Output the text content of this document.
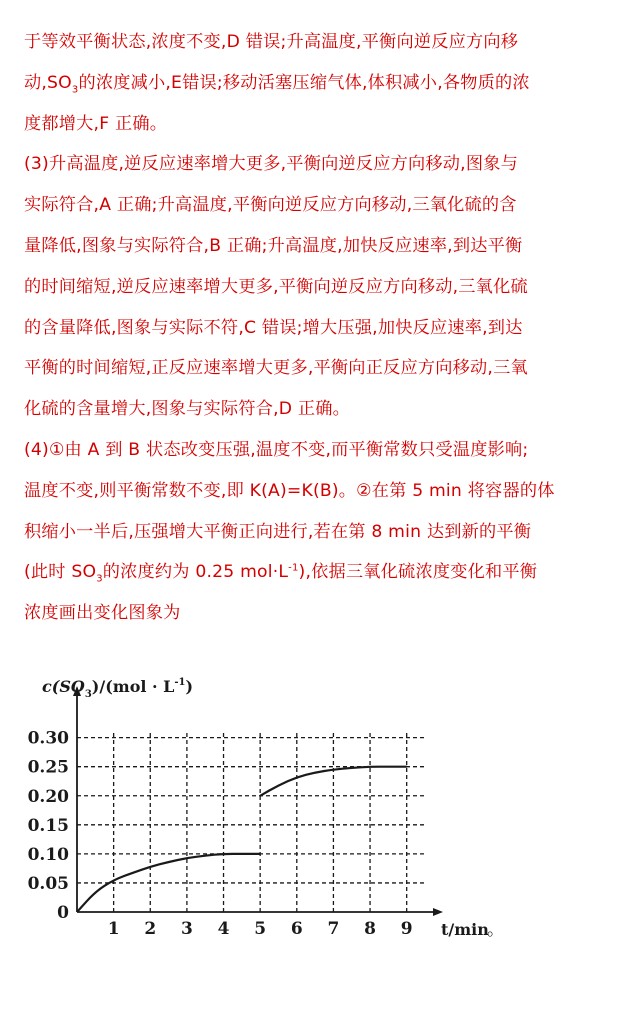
于等效平衡状态,浓度不变,D 错误;升高温度,平衡向逆反应方向移
动$,SO_3$的浓度减小,E错误;移动活塞压缩气体,体积减小,各物质的浓
度都增大,F 正确。
(3)升高温度,逆反应速率增大更多,平衡向逆反应方向移动,图象与
实际符合,A 正确;升高温度,平衡向逆反应方向移动,三氧化硫的含
量降低,图象与实际符合,B 正确;升高温度,加快反应速率,到达平衡
的时间缩短,逆反应速率增大更多,平衡向逆反应方向移动,三氧化硫
的含量降低,图象与实际不符,C 错误;增大压强,加快反应速率,到达
平衡的时间缩短,正反应速率增大更多,平衡向正反应方向移动,三氧
化硫的含量增大,图象与实际符合,D 正确。
(4)①由 A 到 B 状态改变压强,温度不变,而平衡常数只受温度影响;
温度不变,则平衡常数不变,即 K(A)=K(B)。②在第 5 min 将容器的体
积缩小一半后,压强增大平衡正向进行,若在第 8 min 达到新的平衡
(此时 $SO_3$的浓度约为 0.25 $mol\cdot L^{-1}$),依据三氧化硫浓度变化和平衡
浓度画出变化图象为
0.05
0.10
0.15
0.20
0.25
0.30
1 2 3 4 5 6 7 8 9
0
$c(SO_3)/(mol \cdot L^{-1})$
t/min
。
